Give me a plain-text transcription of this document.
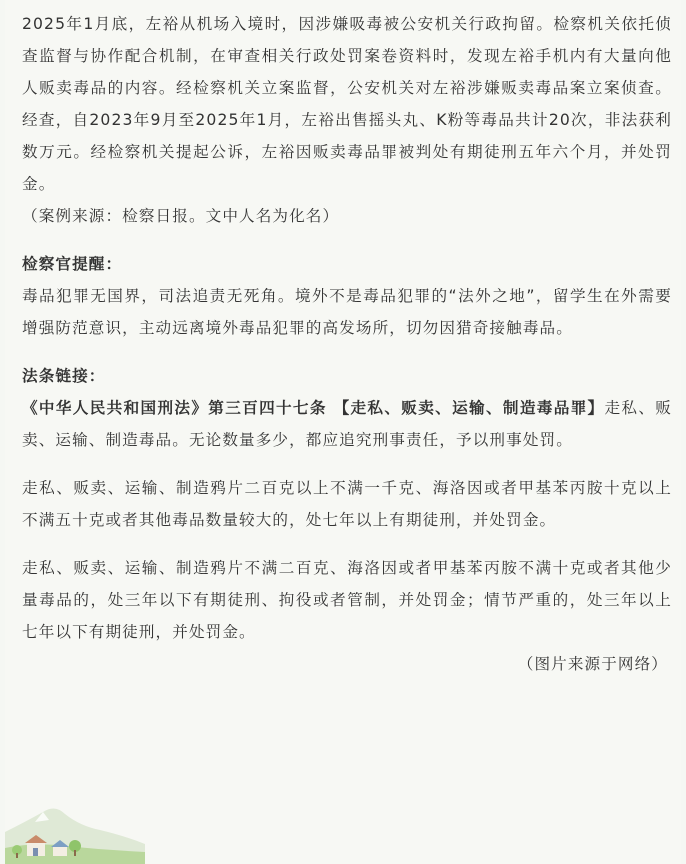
2025年1月底，左裕从机场入境时，因涉嫌吸毒被公安机关行政拘留。检察机关依托侦查监督与协作配合机制，在审查相关行政处罚案卷资料时，发现左裕手机内有大量向他人贩卖毒品的内容。经检察机关立案监督，公安机关对左裕涉嫌贩卖毒品案立案侦查。经查，自2023年9月至2025年1月，左裕出售摇头丸、K粉等毒品共计20次，非法获利数万元。经检察机关提起公诉，左裕因贩卖毒品罪被判处有期徒刑五年六个月，并处罚金。

（案例来源：检察日报。文中人名为化名）

检察官提醒：

毒品犯罪无国界，司法追责无死角。境外不是毒品犯罪的“法外之地”，留学生在外需要增强防范意识，主动远离境外毒品犯罪的高发场所，切勿因猎奇接触毒品。

法条链接：

《中华人民共和国刑法》第三百四十七条 【走私、贩卖、运输、制造毒品罪】走私、贩卖、运输、制造毒品。无论数量多少，都应追究刑事责任，予以刑事处罚。

走私、贩卖、运输、制造鸦片二百克以上不满一千克、海洛因或者甲基苯丙胺十克以上不满五十克或者其他毒品数量较大的，处七年以上有期徒刑，并处罚金。

走私、贩卖、运输、制造鸦片不满二百克、海洛因或者甲基苯丙胺不满十克或者其他少量毒品的，处三年以下有期徒刑、拘役或者管制，并处罚金；情节严重的，处三年以上七年以下有期徒刑，并处罚金。

（图片来源于网络）
